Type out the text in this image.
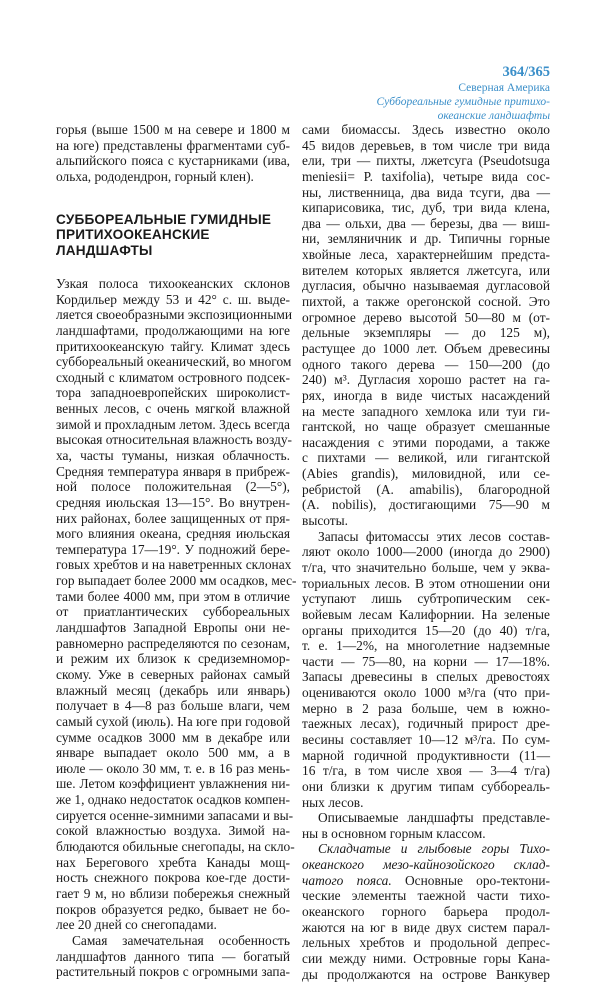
364/365
Северная Америка
Суббореальные гумидные притихо-
океанские ландшафты
горья (выше 1500 м на севере и 1800 м
на юге) представлены фрагментами суб-
альпийского пояса с кустарниками (ива,
ольха, рододендрон, горный клен).
СУББОРЕАЛЬНЫЕ ГУМИДНЫЕ
ПРИТИХООКЕАНСКИЕ
ЛАНДШАФТЫ
Узкая полоса тихоокеанских склонов
Кордильер между 53 и 42° с. ш. выде-
ляется своеобразными экспозиционными
ландшафтами, продолжающими на юге
притихоокеанскую тайгу. Климат здесь
суббореальный океанический, во многом
сходный с климатом островного подсек-
тора западноевропейских широколист-
венных лесов, с очень мягкой влажной
зимой и прохладным летом. Здесь всегда
высокая относительная влажность возду-
ха, часты туманы, низкая облачность.
Средняя температура января в прибреж-
ной полосе положительная (2—5°),
средняя июльская 13—15°. Во внутрен-
них районах, более защищенных от пря-
мого влияния океана, средняя июльская
температура 17—19°. У подножий бере-
говых хребтов и на наветренных склонах
гор выпадает более 2000 мм осадков, мес-
тами более 4000 мм, при этом в отличие
от приатлантических суббореальных
ландшафтов Западной Европы они не-
равномерно распределяются по сезонам,
и режим их близок к средиземномор-
скому. Уже в северных районах самый
влажный месяц (декабрь или январь)
получает в 4—8 раз больше влаги, чем
самый сухой (июль). На юге при годовой
сумме осадков 3000 мм в декабре или
январе выпадает около 500 мм, а в
июле — около 30 мм, т. е. в 16 раз мень-
ше. Летом коэффициент увлажнения ни-
же 1, однако недостаток осадков компен-
сируется осенне-зимними запасами и вы-
сокой влажностью воздуха. Зимой на-
блюдаются обильные снегопады, на скло-
нах Берегового хребта Канады мощ-
ность снежного покрова кое-где дости-
гает 9 м, но вблизи побережья снежный
покров образуется редко, бывает не бо-
лее 20 дней со снегопадами.
Самая замечательная особенность
ландшафтов данного типа — богатый
растительный покров с огромными запа-
сами биомассы. Здесь известно около
45 видов деревьев, в том числе три вида
ели, три — пихты, лжетсуга (Pseudotsuga
meniesii= P. taxifolia), четыре вида сос-
ны, лиственница, два вида тсуги, два —
кипарисовика, тис, дуб, три вида клена,
два — ольхи, два — березы, два — виш-
ни, земляничник и др. Типичны горные
хвойные леса, характернейшим предста-
вителем которых является лжетсуга, или
дугласия, обычно называемая дугласовой
пихтой, а также орегонской сосной. Это
огромное дерево высотой 50—80 м (от-
дельные экземпляры — до 125 м),
растущее до 1000 лет. Объем древесины
одного такого дерева — 150—200 (до
240) м³. Дугласия хорошо растет на га-
рях, иногда в виде чистых насаждений
на месте западного хемлока или туи ги-
гантской, но чаще образует смешанные
насаждения с этими породами, а также
с пихтами — великой, или гигантской
(Abies grandis), миловидной, или се-
ребристой (A. amabilis), благородной
(A. nobilis), достигающими 75—90 м
высоты.
Запасы фитомассы этих лесов состав-
ляют около 1000—2000 (иногда до 2900)
т/га, что значительно больше, чем у эква-
ториальных лесов. В этом отношении они
уступают лишь субтропическим сек-
войевым лесам Калифорнии. На зеленые
органы приходится 15—20 (до 40) т/га,
т. е. 1—2%, на многолетние надземные
части — 75—80, на корни — 17—18%.
Запасы древесины в спелых древостоях
оцениваются около 1000 м³/га (что при-
мерно в 2 раза больше, чем в южно-
таежных лесах), годичный прирост дре-
весины составляет 10—12 м³/га. По сум-
марной годичной продуктивности (11—
16 т/га, в том числе хвоя — 3—4 т/га)
они близки к другим типам суббореаль-
ных лесов.
Описываемые ландшафты представле-
ны в основном горным классом.
Складчатые и глыбовые горы Тихо-
океанского мезо-кайнозойского склад-
чатого пояса. Основные оро-тектони-
ческие элементы таежной части тихо-
океанского горного барьера продол-
жаются на юг в виде двух систем парал-
лельных хребтов и продольной депрес-
сии между ними. Островные горы Кана-
ды продолжаются на острове Ванкувер
